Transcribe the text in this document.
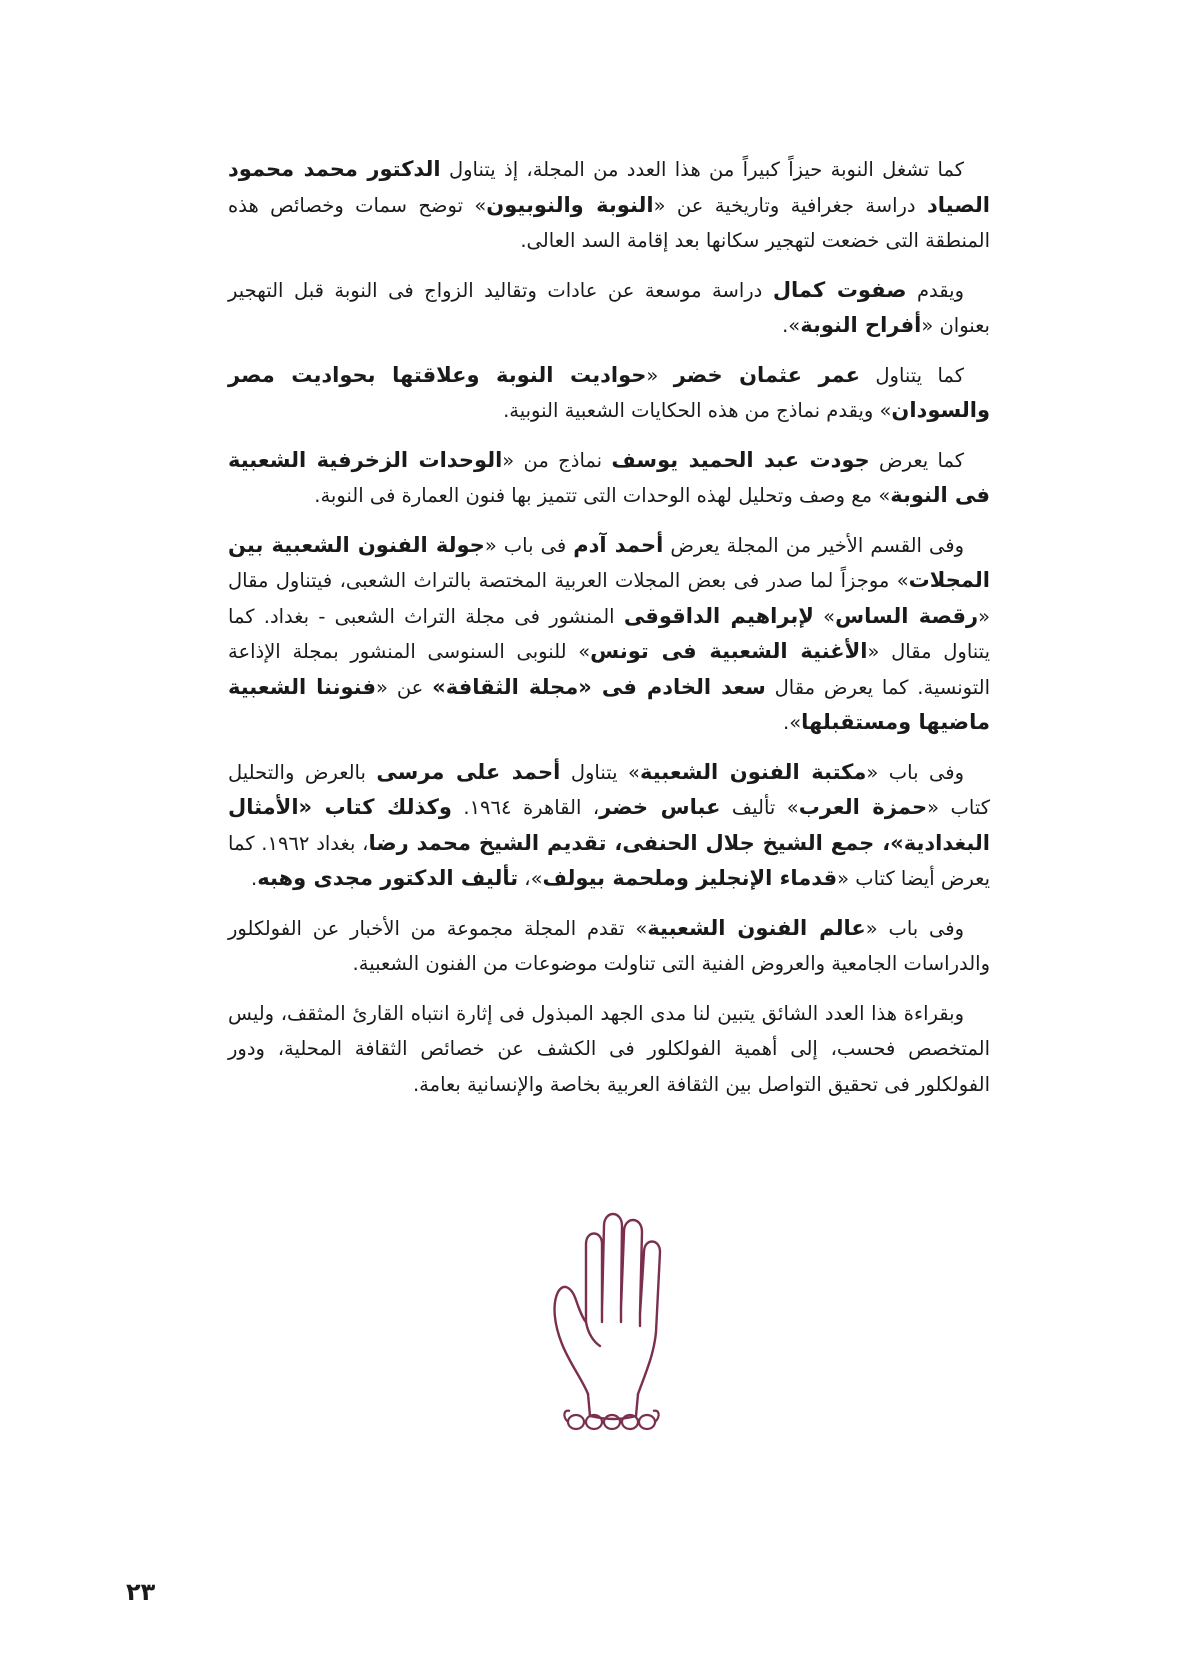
كما تشغل النوبة حيزاً كبيراً من هذا العدد من المجلة، إذ يتناول الدكتور محمد محمود الصياد دراسة جغرافية وتاريخية عن «النوبة والنوبيون» توضح سمات وخصائص هذه المنطقة التى خضعت لتهجير سكانها بعد إقامة السد العالى.

ويقدم صفوت كمال دراسة موسعة عن عادات وتقاليد الزواج فى النوبة قبل التهجير بعنوان «أفراح النوبة».

كما يتناول عمر عثمان خضر «حواديت النوبة وعلاقتها بحواديت مصر والسودان» ويقدم نماذج من هذه الحكايات الشعبية النوبية.

كما يعرض جودت عبد الحميد يوسف نماذج من «الوحدات الزخرفية الشعبية فى النوبة» مع وصف وتحليل لهذه الوحدات التى تتميز بها فنون العمارة فى النوبة.

وفى القسم الأخير من المجلة يعرض أحمد آدم فى باب «جولة الفنون الشعبية بين المجلات» موجزاً لما صدر فى بعض المجلات العربية المختصة بالتراث الشعبى، فيتناول مقال «رقصة الساس» لإبراهيم الداقوقى المنشور فى مجلة التراث الشعبى - بغداد. كما يتناول مقال «الأغنية الشعبية فى تونس» للنوبى السنوسى المنشور بمجلة الإذاعة التونسية. كما يعرض مقال سعد الخادم فى «مجلة الثقافة» عن «فنوننا الشعبية ماضيها ومستقبلها».

وفى باب «مكتبة الفنون الشعبية» يتناول أحمد على مرسى بالعرض والتحليل كتاب «حمزة العرب» تأليف عباس خضر، القاهرة ١٩٦٤. وكذلك كتاب «الأمثال البغدادية»، جمع الشيخ جلال الحنفى، تقديم الشيخ محمد رضا، بغداد ١٩٦٢. كما يعرض أيضا كتاب «قدماء الإنجليز وملحمة بيولف»، تأليف الدكتور مجدى وهبه.

وفى باب «عالم الفنون الشعبية» تقدم المجلة مجموعة من الأخبار عن الفولكلور والدراسات الجامعية والعروض الفنية التى تناولت موضوعات من الفنون الشعبية.

وبقراءة هذا العدد الشائق يتبين لنا مدى الجهد المبذول فى إثارة انتباه القارئ المثقف، وليس المتخصص فحسب، إلى أهمية الفولكلور فى الكشف عن خصائص الثقافة المحلية، ودور الفولكلور فى تحقيق التواصل بين الثقافة العربية بخاصة والإنسانية بعامة.

٢٣
